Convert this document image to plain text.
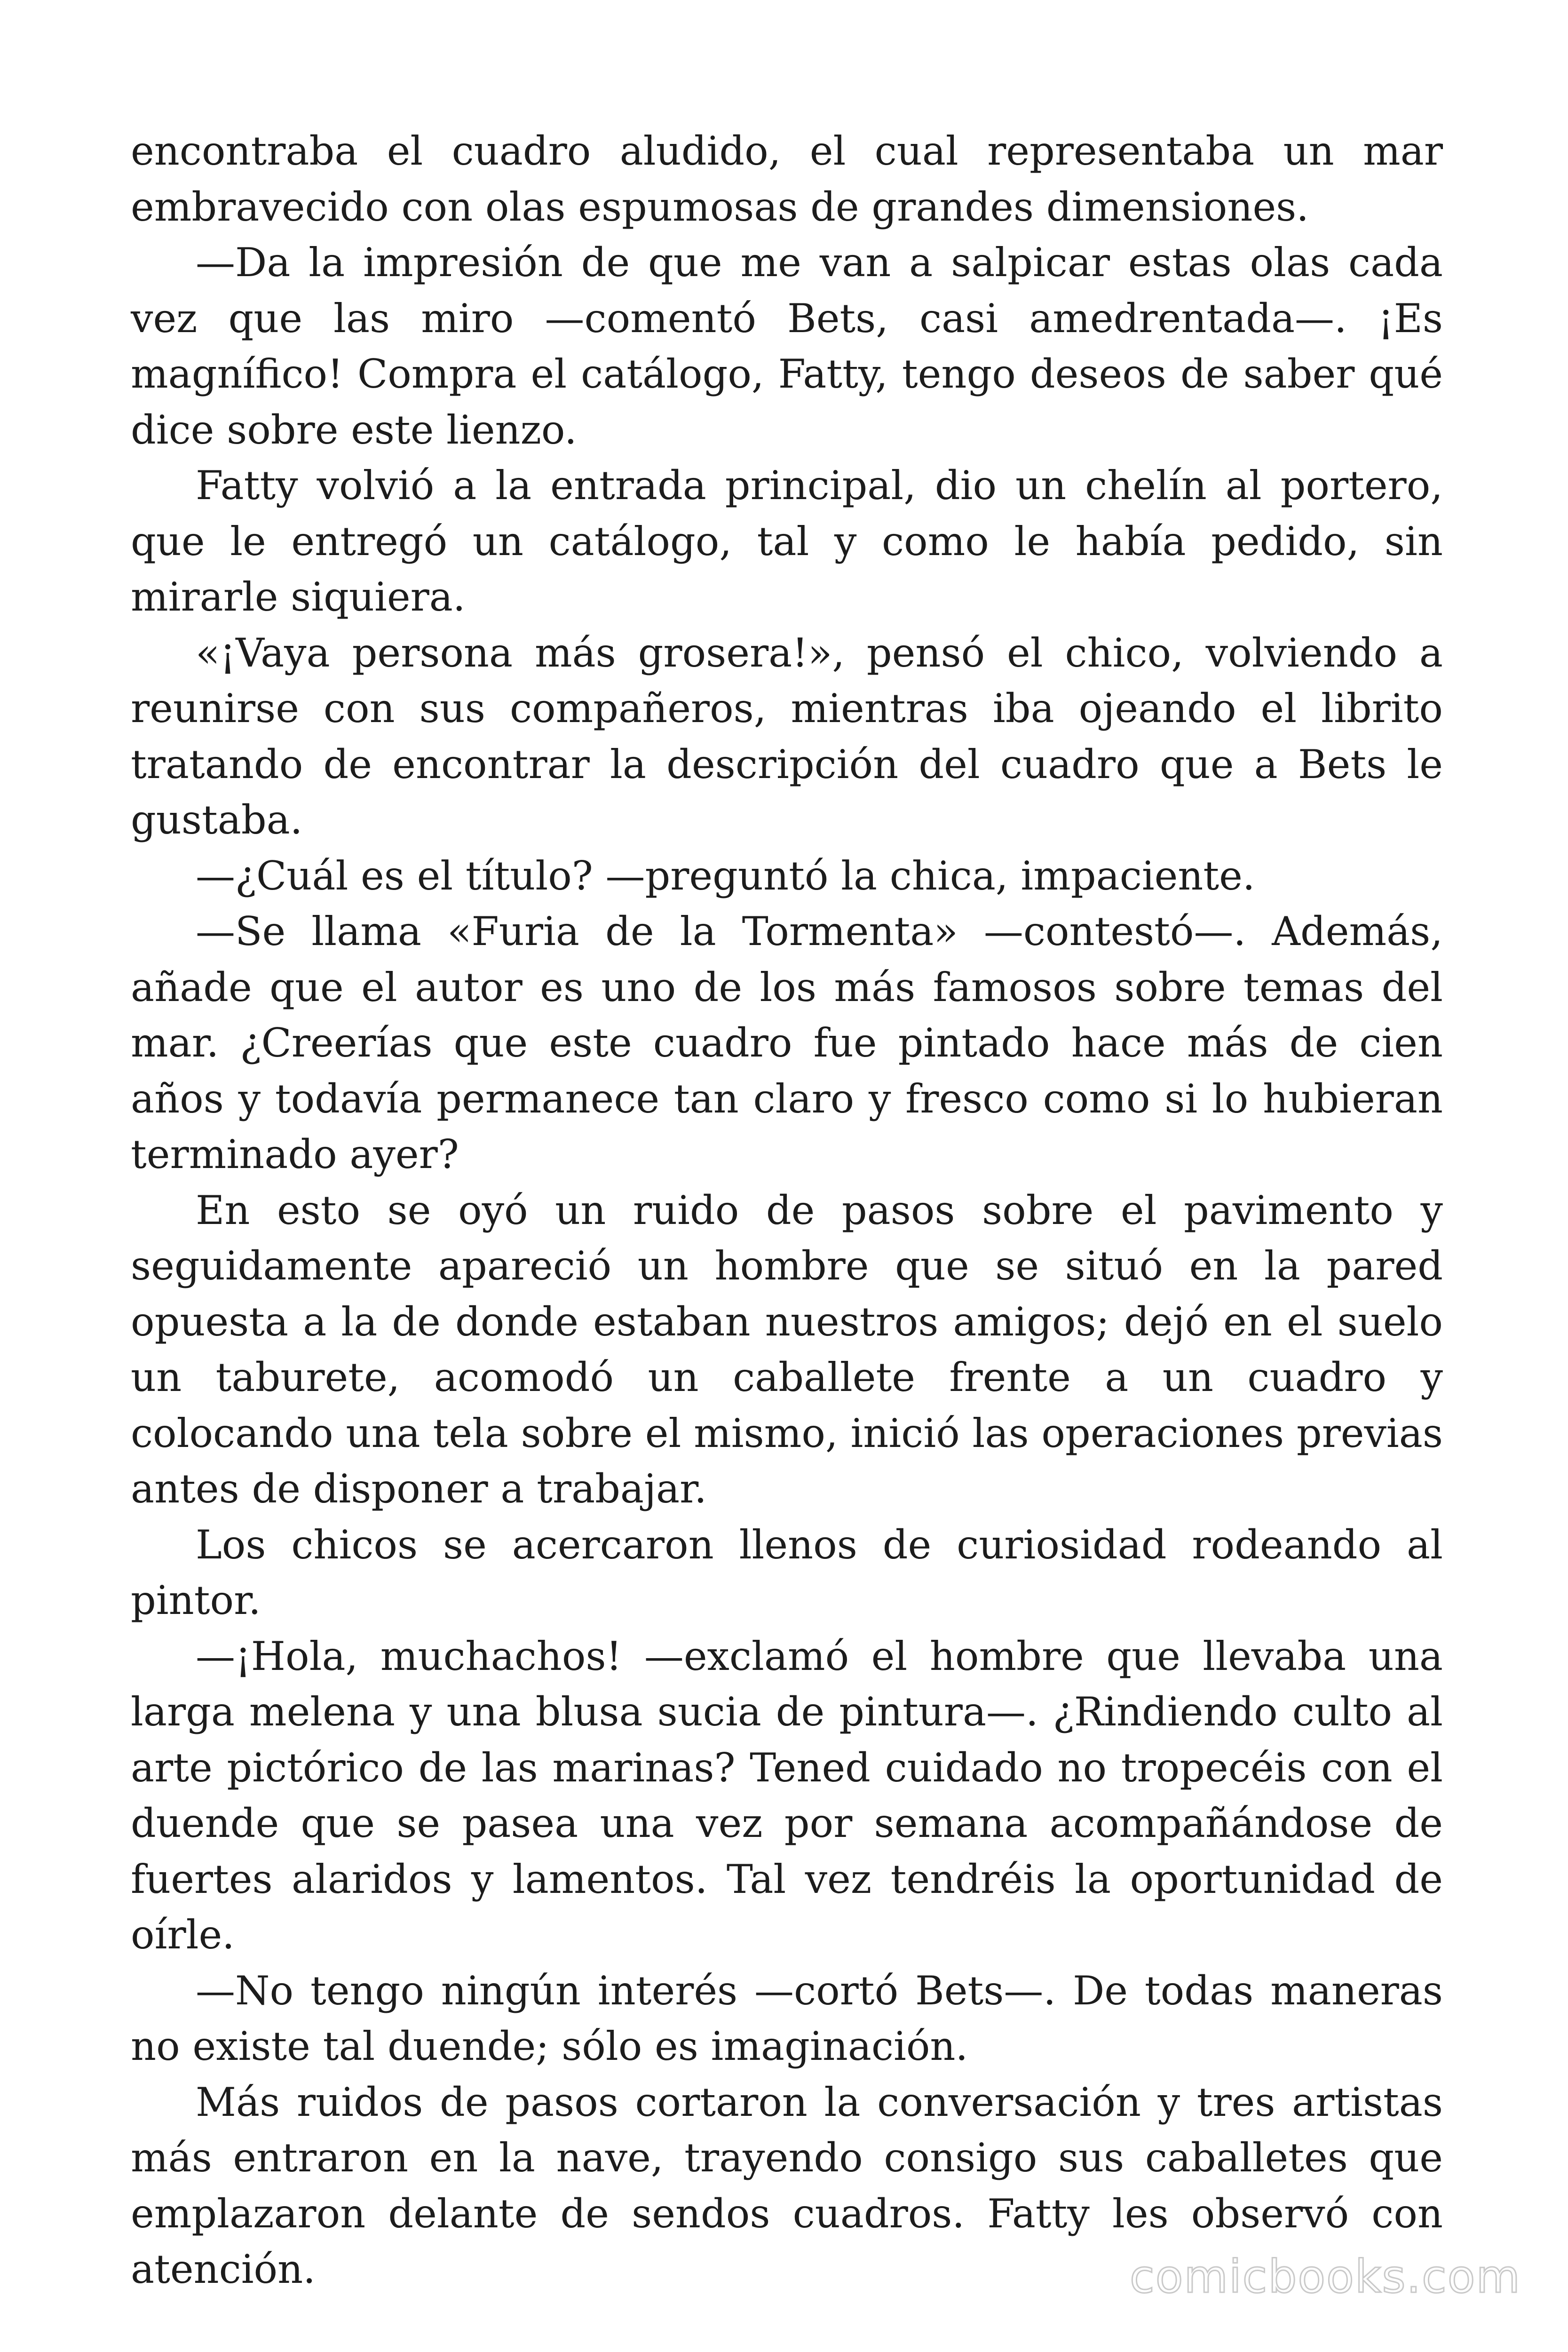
encontraba el cuadro aludido, el cual representaba un mar embravecido con olas espumosas de grandes dimensiones.

—Da la impresión de que me van a salpicar estas olas cada vez que las miro —comentó Bets, casi amedrentada—. ¡Es magnífico! Compra el catálogo, Fatty, tengo deseos de saber qué dice sobre este lienzo.

Fatty volvió a la entrada principal, dio un chelín al portero, que le entregó un catálogo, tal y como le había pedido, sin mirarle siquiera.

«¡Vaya persona más grosera!», pensó el chico, volviendo a reunirse con sus compañeros, mientras iba ojeando el librito tratando de encontrar la descripción del cuadro que a Bets le gustaba.

—¿Cuál es el título? —preguntó la chica, impaciente.

—Se llama «Furia de la Tormenta» —contestó—. Además, añade que el autor es uno de los más famosos sobre temas del mar. ¿Creerías que este cuadro fue pintado hace más de cien años y todavía permanece tan claro y fresco como si lo hubieran terminado ayer?

En esto se oyó un ruido de pasos sobre el pavimento y seguidamente apareció un hombre que se situó en la pared opuesta a la de donde estaban nuestros amigos; dejó en el suelo un taburete, acomodó un caballete frente a un cuadro y colocando una tela sobre el mismo, inició las operaciones previas antes de disponer a trabajar.

Los chicos se acercaron llenos de curiosidad rodeando al pintor.

—¡Hola, muchachos! —exclamó el hombre que llevaba una larga melena y una blusa sucia de pintura—. ¿Rindiendo culto al arte pictórico de las marinas? Tened cuidado no tropecéis con el duende que se pasea una vez por semana acompañándose de fuertes alaridos y lamentos. Tal vez tendréis la oportunidad de oírle.

—No tengo ningún interés —cortó Bets—. De todas maneras no existe tal duende; sólo es imaginación.

Más ruidos de pasos cortaron la conversación y tres artistas más entraron en la nave, trayendo consigo sus caballetes que emplazaron delante de sendos cuadros. Fatty les observó con atención.	comicbooks.com
